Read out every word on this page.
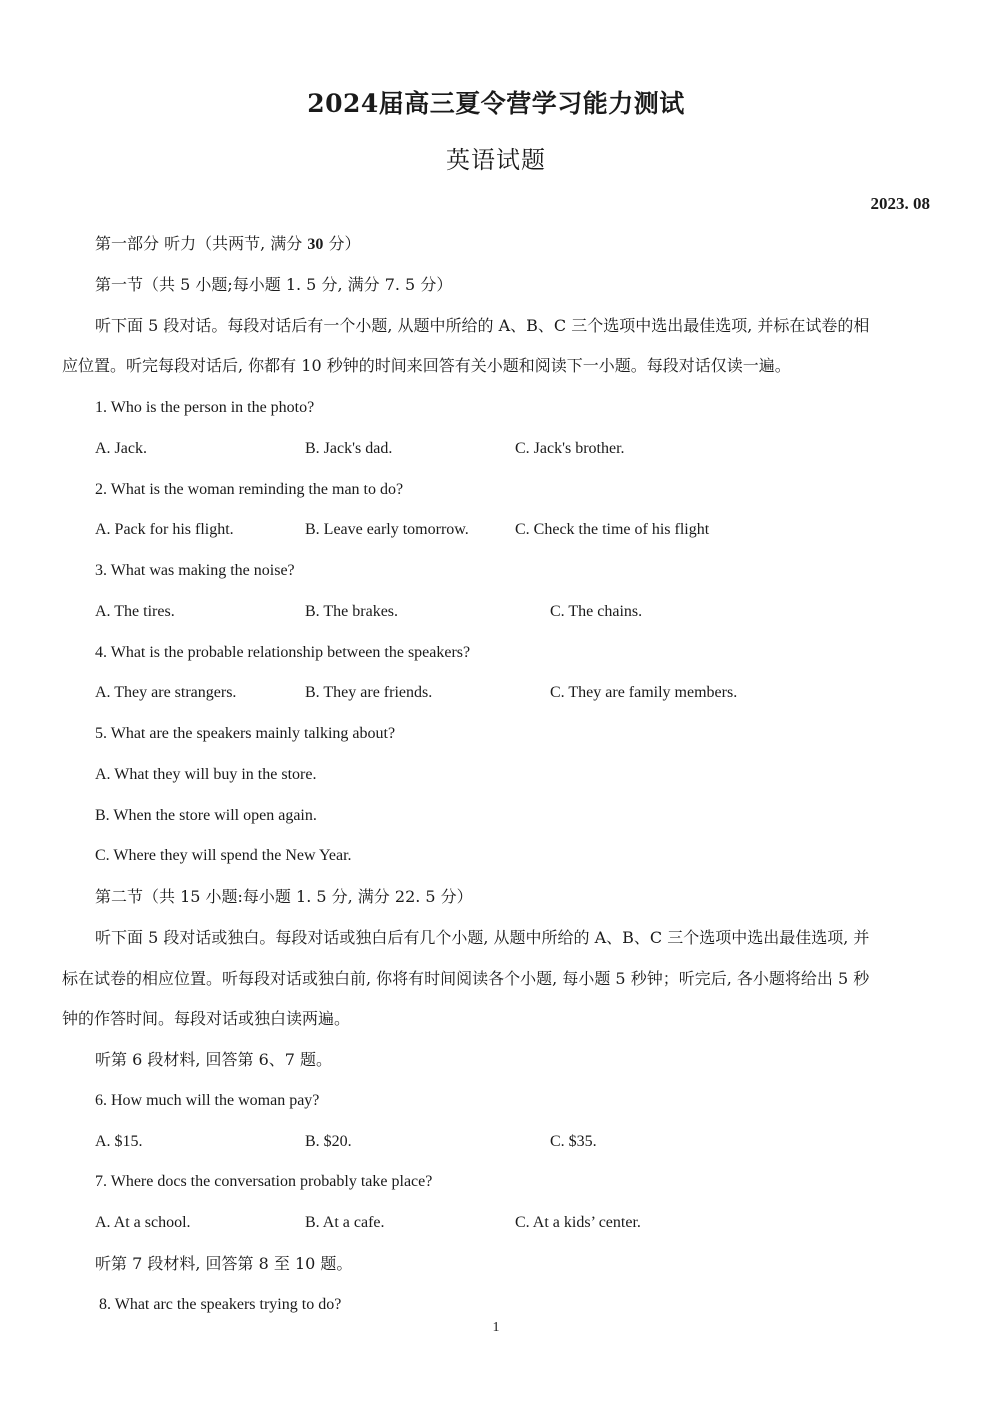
2024届高三夏令营学习能力测试
英语试题
2023. 08
第一部分 听力（共两节, 满分 30 分）
第一节（共 5 小题;每小题 1. 5 分, 满分 7. 5 分）
听下面 5 段对话。每段对话后有一个小题, 从题中所给的 A、B、C 三个选项中选出最佳选项, 并标在试卷的相
应位置。听完每段对话后, 你都有 10 秒钟的时间来回答有关小题和阅读下一小题。每段对话仅读一遍。
1. Who is the person in the photo?
A. Jack.	B. Jack's dad.	C. Jack's brother.
2. What is the woman reminding the man to do?
A. Pack for his flight.	B. Leave early tomorrow.	C. Check the time of his flight
3. What was making the noise?
A. The tires.	B. The brakes.	C. The chains.
4. What is the probable relationship between the speakers?
A. They are strangers.	B. They are friends.	C. They are family members.
5. What are the speakers mainly talking about?
A. What they will buy in the store.
B. When the store will open again.
C. Where they will spend the New Year.
第二节（共 15 小题:每小题 1. 5 分, 满分 22. 5 分）
听下面 5 段对话或独白。每段对话或独白后有几个小题, 从题中所给的 A、B、C 三个选项中选出最佳选项, 并
标在试卷的相应位置。听每段对话或独白前, 你将有时间阅读各个小题, 每小题 5 秒钟；听完后, 各小题将给出 5 秒
钟的作答时间。每段对话或独白读两遍。
听第 6 段材料, 回答第 6、7 题。
6. How much will the woman pay?
A. $15.	B. $20.	C. $35.
7. Where docs the conversation probably take place?
A. At a school.	B. At a cafe.	C. At a kids’ center.
听第 7 段材料, 回答第 8 至 10 题。
8. What arc the speakers trying to do?
1
